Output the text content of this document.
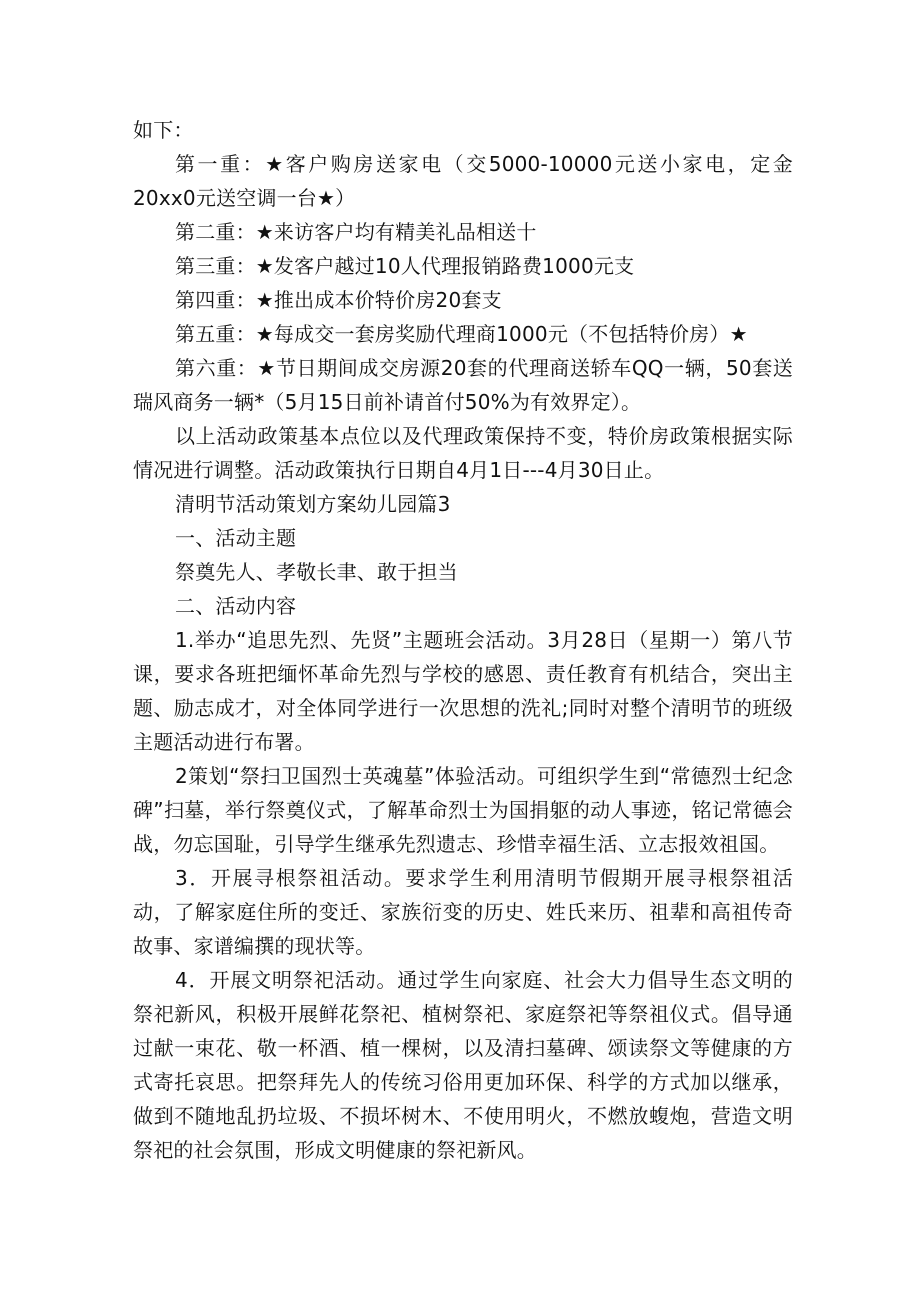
如下：

第一重：★客户购房送家电（交5000-10000元送小家电，定金20xx0元送空调一台★）

第二重：★来访客户均有精美礼品相送十

第三重：★发客户越过10人代理报销路费1000元支

第四重：★推出成本价特价房20套支

第五重：★每成交一套房奖励代理商1000元（不包括特价房）★

第六重：★节日期间成交房源20套的代理商送轿车QQ一辆，50套送瑞风商务一辆*（5月15日前补请首付50%为有效界定）。

以上活动政策基本点位以及代理政策保持不变，特价房政策根据实际情况进行调整。活动政策执行日期自4月1日---4月30日止。

清明节活动策划方案幼儿园篇3

一、活动主题

祭奠先人、孝敬长聿、敢于担当

二、活动内容

1.举办“追思先烈、先贤”主题班会活动。3月28日（星期一）第八节课，要求各班把缅怀革命先烈与学校的感恩、责任教育有机结合，突出主题、励志成才，对全体同学进行一次思想的洗礼;同时对整个清明节的班级主题活动进行布署。

2策划“祭扫卫国烈士英魂墓”体验活动。可组织学生到“常德烈士纪念碑”扫墓，举行祭奠仪式，了解革命烈士为国捐躯的动人事迹，铭记常德会战，勿忘国耻，引导学生继承先烈遗志、珍惜幸福生活、立志报效祖国。

3．开展寻根祭祖活动。要求学生利用清明节假期开展寻根祭祖活动，了解家庭住所的变迁、家族衍变的历史、姓氏来历、祖辈和高祖传奇故事、家谱编撰的现状等。

4．开展文明祭祀活动。通过学生向家庭、社会大力倡导生态文明的祭祀新风，积极开展鲜花祭祀、植树祭祀、家庭祭祀等祭祖仪式。倡导通过献一束花、敬一杯酒、植一棵树，以及清扫墓碑、颂读祭文等健康的方式寄托哀思。把祭拜先人的传统习俗用更加环保、科学的方式加以继承，做到不随地乱扔垃圾、不损坏树木、不使用明火，不燃放蝮炮，营造文明祭祀的社会氛围，形成文明健康的祭祀新风。
